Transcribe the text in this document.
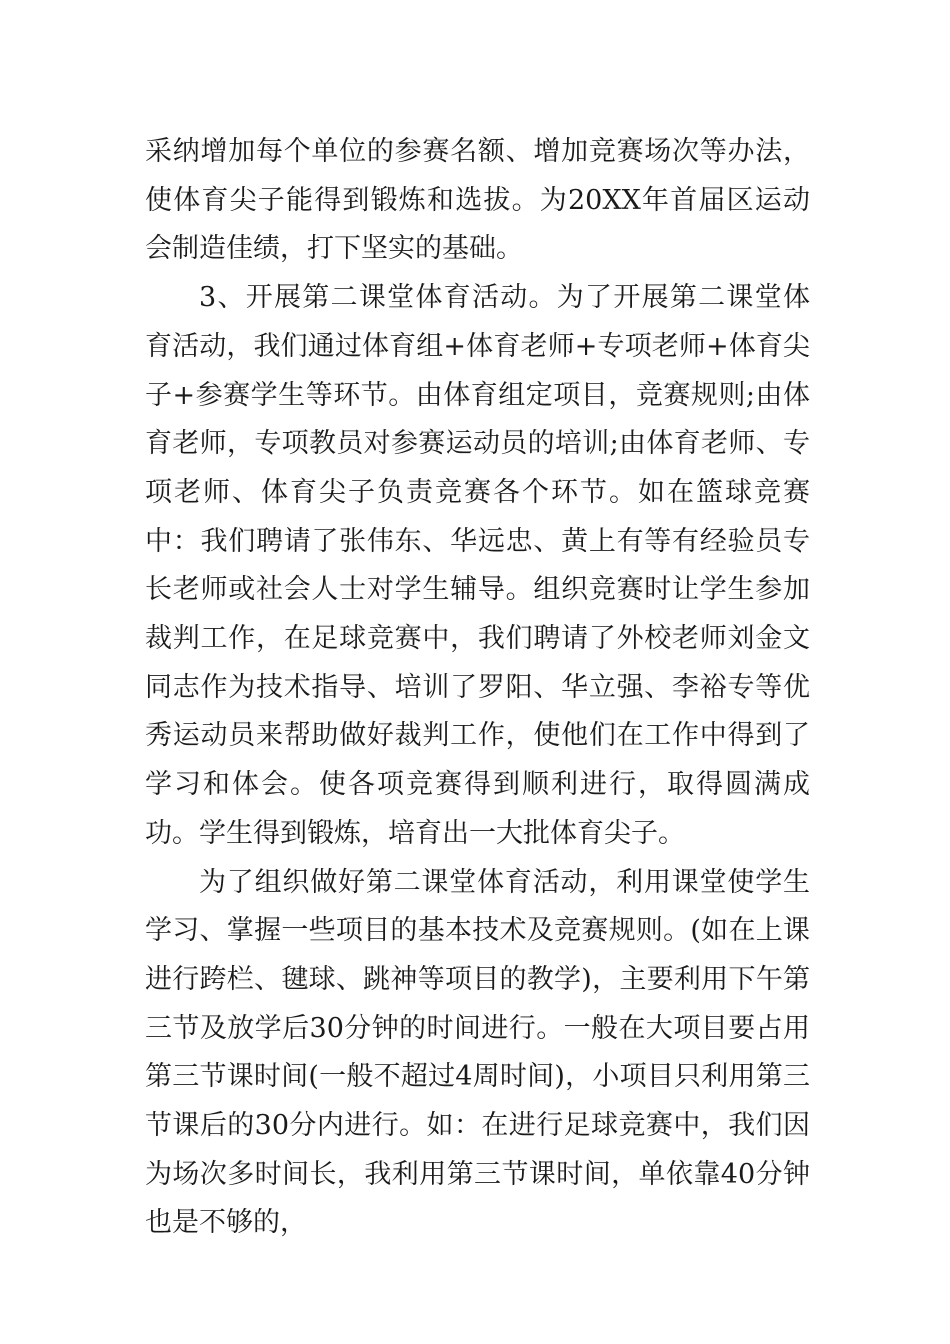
采纳增加每个单位的参赛名额、增加竞赛场次等办法，使体育尖子能得到锻炼和选拔。为20XX年首届区运动会制造佳绩，打下坚实的基础。

3、开展第二课堂体育活动。为了开展第二课堂体育活动，我们通过体育组+体育老师+专项老师+体育尖子+参赛学生等环节。由体育组定项目，竞赛规则;由体育老师，专项教员对参赛运动员的培训;由体育老师、专项老师、体育尖子负责竞赛各个环节。如在篮球竞赛中：我们聘请了张伟东、华远忠、黄上有等有经验员专长老师或社会人士对学生辅导。组织竞赛时让学生参加裁判工作，在足球竞赛中，我们聘请了外校老师刘金文同志作为技术指导、培训了罗阳、华立强、李裕专等优秀运动员来帮助做好裁判工作，使他们在工作中得到了学习和体会。使各项竞赛得到顺利进行，取得圆满成功。学生得到锻炼，培育出一大批体育尖子。

为了组织做好第二课堂体育活动，利用课堂使学生学习、掌握一些项目的基本技术及竞赛规则。(如在上课进行跨栏、毽球、跳神等项目的教学)，主要利用下午第三节及放学后30分钟的时间进行。一般在大项目要占用第三节课时间(一般不超过4周时间)，小项目只利用第三节课后的30分内进行。如：在进行足球竞赛中，我们因为场次多时间长，我利用第三节课时间，单依靠40分钟也是不够的，
